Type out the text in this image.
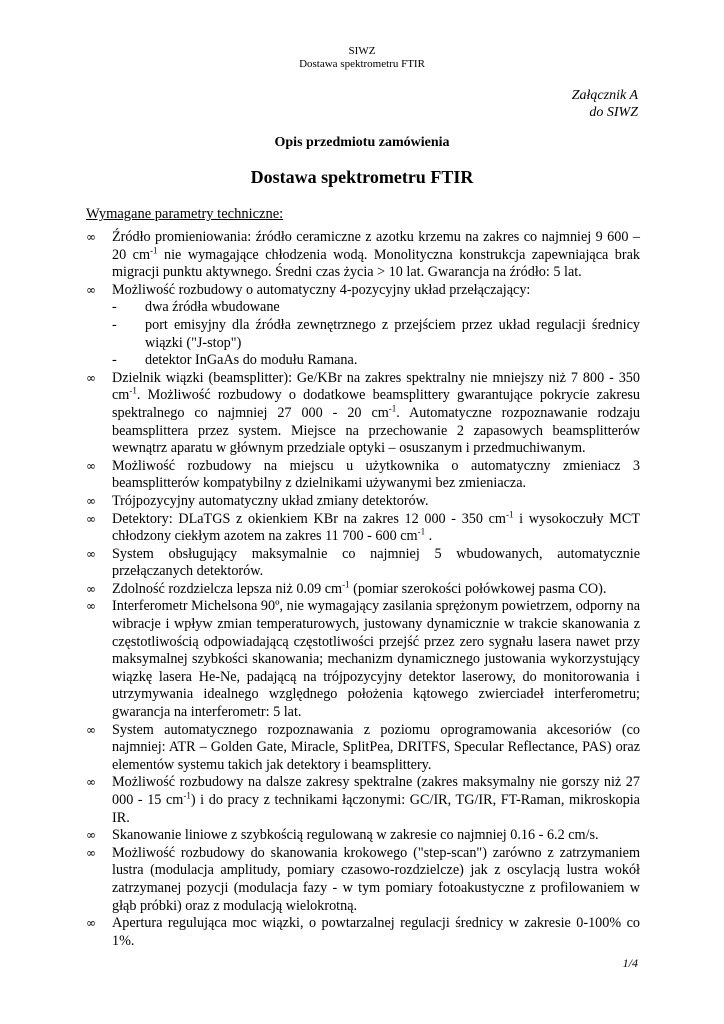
SIWZ
Dostawa spektrometru FTIR
Załącznik A
do SIWZ
Opis przedmiotu zamówienia
Dostawa spektrometru FTIR
Wymagane parametry techniczne:
∞ Źródło promieniowania: źródło ceramiczne z azotku krzemu na zakres co najmniej 9 600 – 20 $cm^{-1}$ nie wymagające chłodzenia wodą. Monolityczna konstrukcja zapewniająca brak migracji punktu aktywnego. Średni czas życia > 10 lat. Gwarancja na źródło: 5 lat.
∞ Możliwość rozbudowy o automatyczny 4-pozycyjny układ przełączający:
- dwa źródła wbudowane
- port emisyjny dla źródła zewnętrznego z przejściem przez układ regulacji średnicy wiązki ("J-stop")
- detektor InGaAs do modułu Ramana.
∞ Dzielnik wiązki (beamsplitter): Ge/KBr na zakres spektralny nie mniejszy niż 7 800 - 350 $cm^{-1}$. Możliwość rozbudowy o dodatkowe beamsplittery gwarantujące pokrycie zakresu spektralnego co najmniej 27 000 - 20 $cm^{-1}$. Automatyczne rozpoznawanie rodzaju beamsplittera przez system. Miejsce na przechowanie 2 zapasowych beamsplitterów wewnątrz aparatu w głównym przedziale optyki – osuszanym i przedmuchiwanym.
∞ Możliwość rozbudowy na miejscu u użytkownika o automatyczny zmieniacz 3 beamsplitterów kompatybilny z dzielnikami używanymi bez zmieniacza.
∞ Trójpozycyjny automatyczny układ zmiany detektorów.
∞ Detektory: DLaTGS z okienkiem KBr na zakres 12 000 - 350 $cm^{-1}$ i wysokoczuły MCT chłodzony ciekłym azotem na zakres 11 700 - 600 $cm^{-1}$ .
∞ System obsługujący maksymalnie co najmniej 5 wbudowanych, automatycznie przełączanych detektorów.
∞ Zdolność rozdzielcza lepsza niż 0.09 $cm^{-1}$ (pomiar szerokości połówkowej pasma CO).
∞ Interferometr Michelsona 90º, nie wymagający zasilania sprężonym powietrzem, odporny na wibracje i wpływ zmian temperaturowych, justowany dynamicznie w trakcie skanowania z częstotliwością odpowiadającą częstotliwości przejść przez zero sygnału lasera nawet przy maksymalnej szybkości skanowania; mechanizm dynamicznego justowania wykorzystujący wiązkę lasera He-Ne, padającą na trójpozycyjny detektor laserowy, do monitorowania i utrzymywania idealnego względnego położenia kątowego zwierciadeł interferometru; gwarancja na interferometr: 5 lat.
∞ System automatycznego rozpoznawania z poziomu oprogramowania akcesoriów (co najmniej: ATR – Golden Gate, Miracle, SplitPea, DRITFS, Specular Reflectance, PAS) oraz elementów systemu takich jak detektory i beamsplittery.
∞ Możliwość rozbudowy na dalsze zakresy spektralne (zakres maksymalny nie gorszy niż 27 000 - 15 $cm^{-1}$) i do pracy z technikami łączonymi: GC/IR, TG/IR, FT-Raman, mikroskopia IR.
∞ Skanowanie liniowe z szybkością regulowaną w zakresie co najmniej 0.16 - 6.2 cm/s.
∞ Możliwość rozbudowy do skanowania krokowego ("step-scan") zarówno z zatrzymaniem lustra (modulacja amplitudy, pomiary czasowo-rozdzielcze) jak z oscylacją lustra wokół zatrzymanej pozycji (modulacja fazy - w tym pomiary fotoakustyczne z profilowaniem w głąb próbki) oraz z modulacją wielokrotną.
∞ Apertura regulująca moc wiązki, o powtarzalnej regulacji średnicy w zakresie 0-100% co 1%.
1/4
